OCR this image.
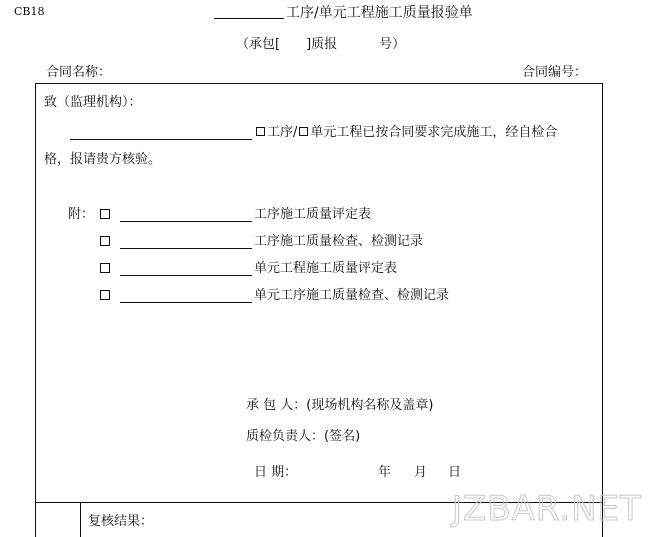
CB18	工序/单元工程施工质量报验单
（承包[ ]质报	号）
合同名称：	合同编号：
致（监理机构）：
工序/ 单元工程已按合同要求完成施工，经自检合
格，报请贵方核验。
附：	工序施工质量评定表
工序施工质量检查、检测记录
单元工程施工质量评定表
单元工序施工质量检查、检测记录
承 包 人：(现场机构名称及盖章)
质检负责人：(签名)
日 期：	年 月 日
复核结果：	JZBAR.NET
